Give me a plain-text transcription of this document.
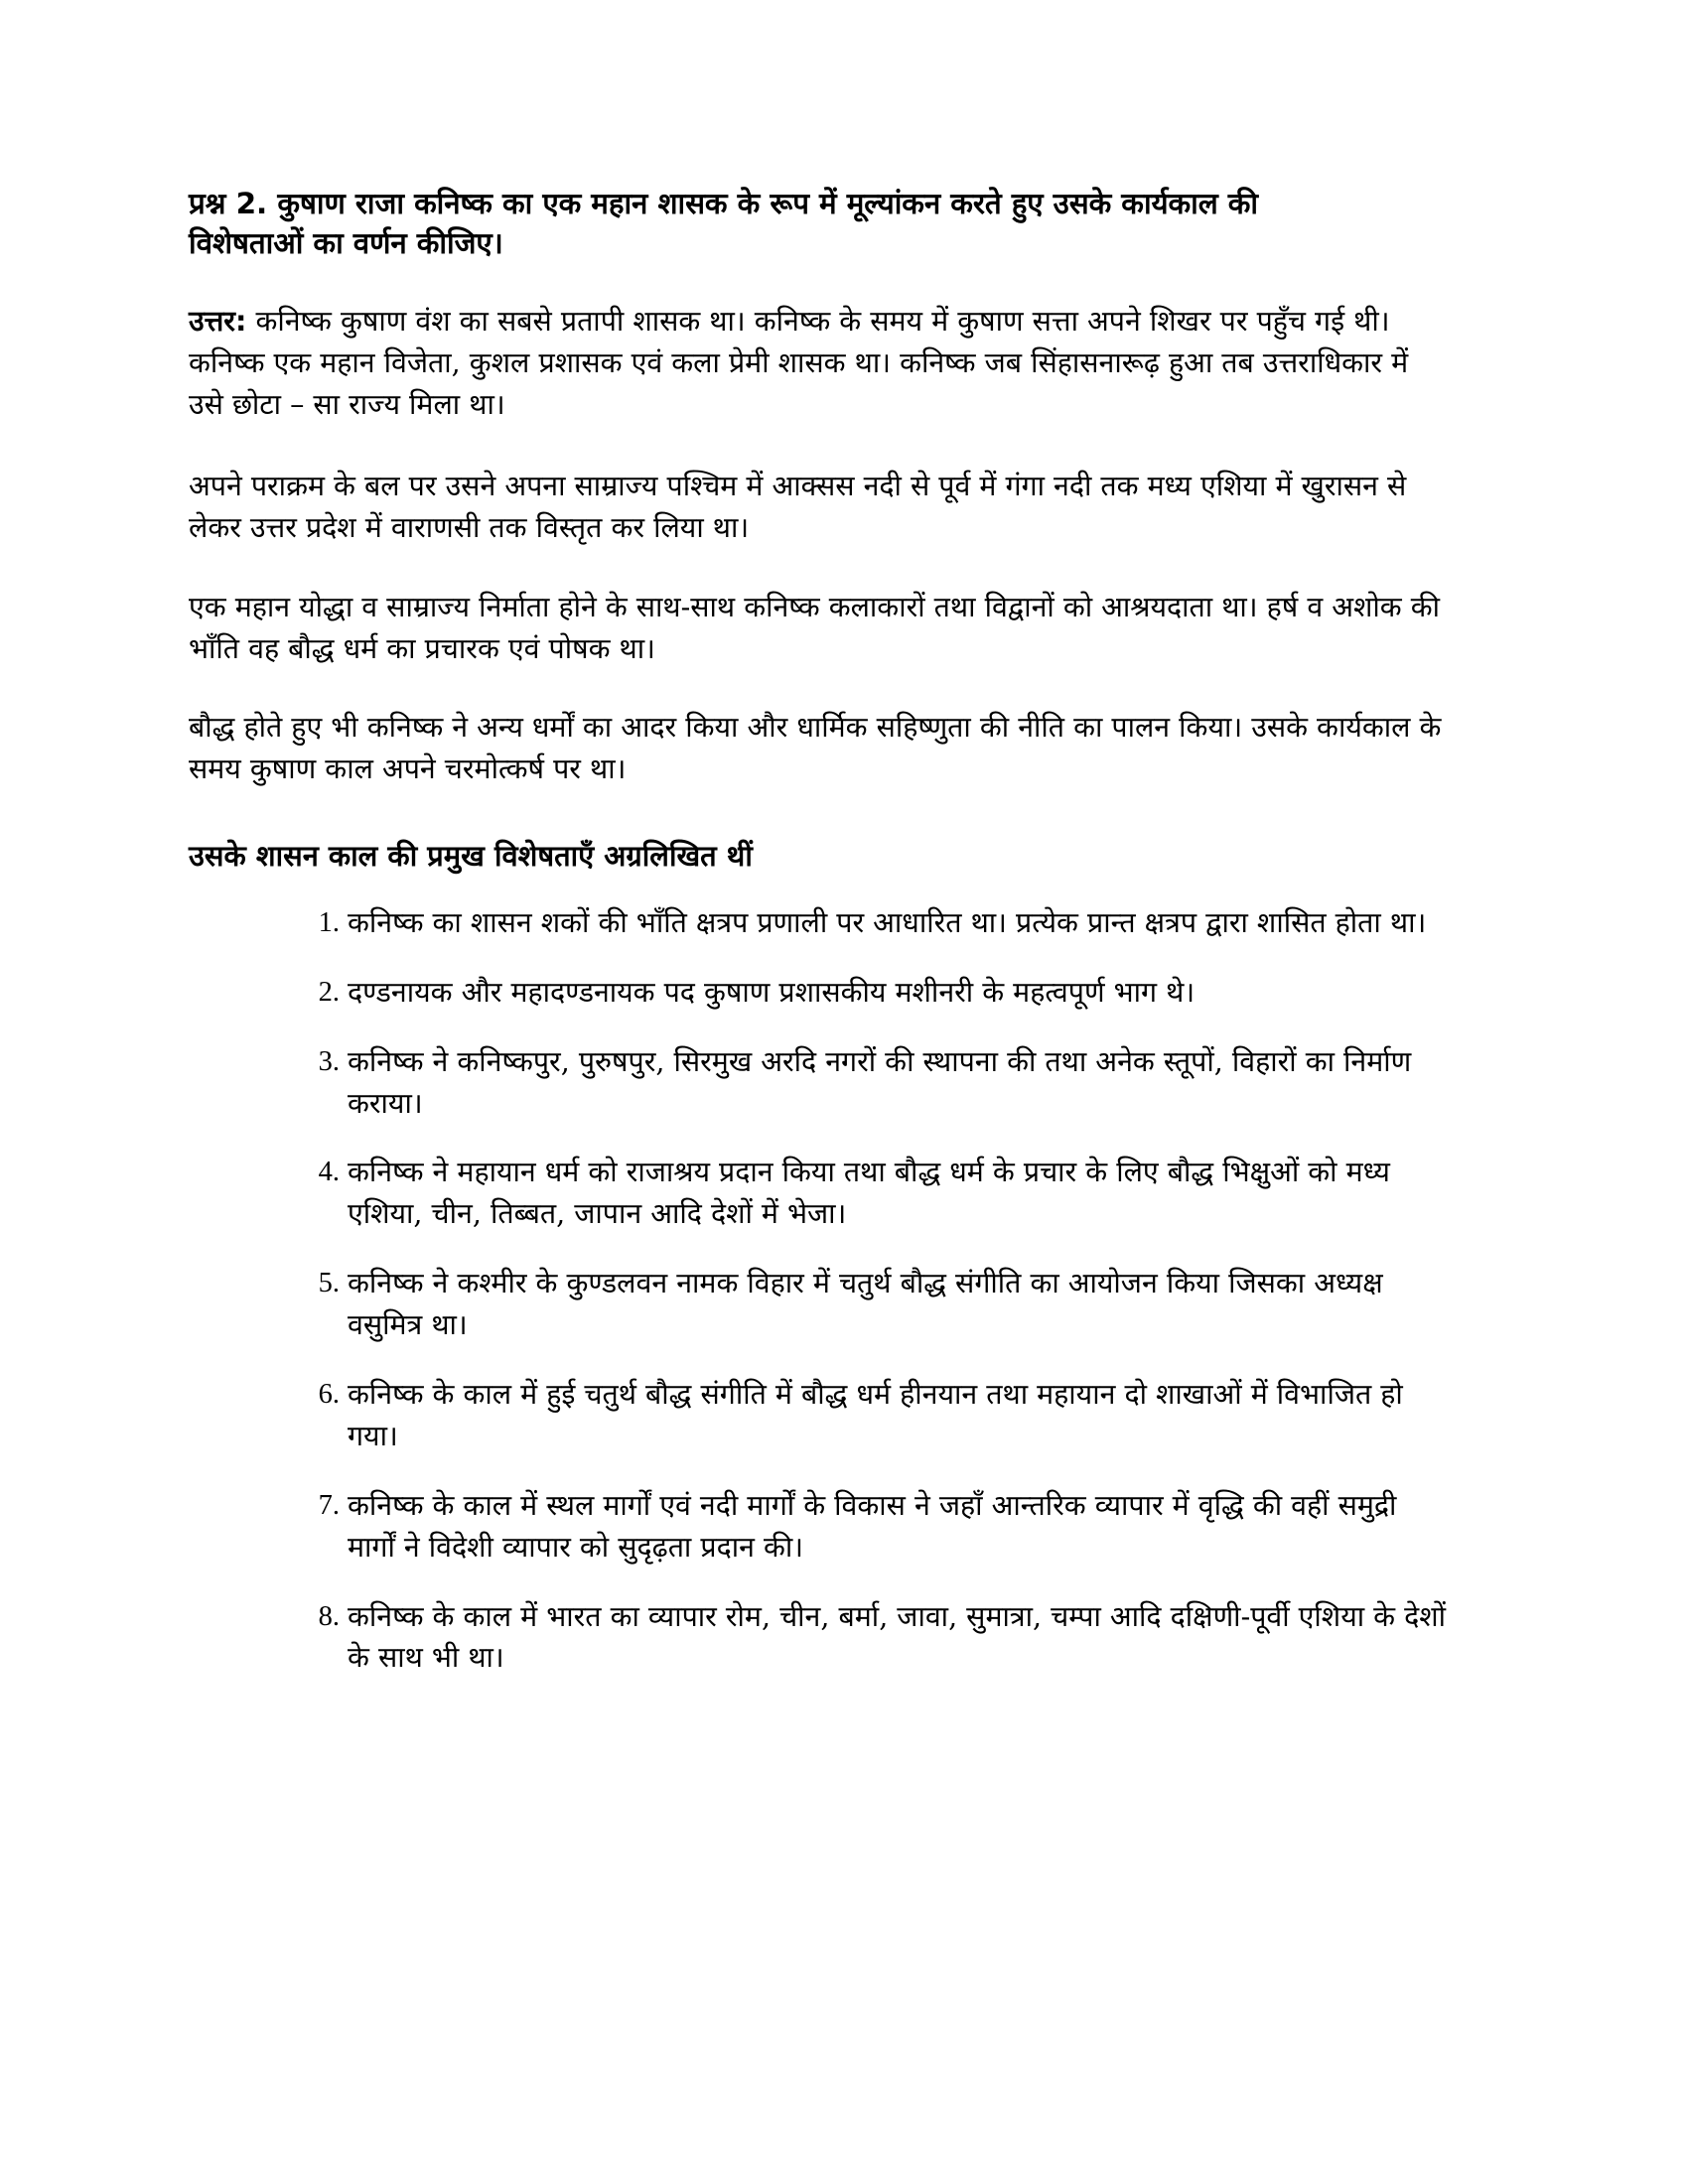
प्रश्न 2. कुषाण राजा कनिष्क का एक महान शासक के रूप में मूल्यांकन करते हुए उसके कार्यकाल की विशेषताओं का वर्णन कीजिए।

उत्तर: कनिष्क कुषाण वंश का सबसे प्रतापी शासक था। कनिष्क के समय में कुषाण सत्ता अपने शिखर पर पहुँच गई थी। कनिष्क एक महान विजेता, कुशल प्रशासक एवं कला प्रेमी शासक था। कनिष्क जब सिंहासनारूढ़ हुआ तब उत्तराधिकार में उसे छोटा – सा राज्य मिला था।

अपने पराक्रम के बल पर उसने अपना साम्राज्य पश्चिम में आक्सस नदी से पूर्व में गंगा नदी तक मध्य एशिया में खुरासन से लेकर उत्तर प्रदेश में वाराणसी तक विस्तृत कर लिया था।

एक महान योद्धा व साम्राज्य निर्माता होने के साथ-साथ कनिष्क कलाकारों तथा विद्वानों को आश्रयदाता था। हर्ष व अशोक की भाँति वह बौद्ध धर्म का प्रचारक एवं पोषक था।

बौद्ध होते हुए भी कनिष्क ने अन्य धर्मों का आदर किया और धार्मिक सहिष्णुता की नीति का पालन किया। उसके कार्यकाल के समय कुषाण काल अपने चरमोत्कर्ष पर था।

उसके शासन काल की प्रमुख विशेषताएँ अग्रलिखित थीं
कनिष्क का शासन शकों की भाँति क्षत्रप प्रणाली पर आधारित था। प्रत्येक प्रान्त क्षत्रप द्वारा शासित होता था।
दण्डनायक और महादण्डनायक पद कुषाण प्रशासकीय मशीनरी के महत्वपूर्ण भाग थे।
कनिष्क ने कनिष्कपुर, पुरुषपुर, सिरमुख अरदि नगरों की स्थापना की तथा अनेक स्तूपों, विहारों का निर्माण कराया।
कनिष्क ने महायान धर्म को राजाश्रय प्रदान किया तथा बौद्ध धर्म के प्रचार के लिए बौद्ध भिक्षुओं को मध्य एशिया, चीन, तिब्बत, जापान आदि देशों में भेजा।
कनिष्क ने कश्मीर के कुण्डलवन नामक विहार में चतुर्थ बौद्ध संगीति का आयोजन किया जिसका अध्यक्ष वसुमित्र था।
कनिष्क के काल में हुई चतुर्थ बौद्ध संगीति में बौद्ध धर्म हीनयान तथा महायान दो शाखाओं में विभाजित हो गया।
कनिष्क के काल में स्थल मार्गों एवं नदी मार्गों के विकास ने जहाँ आन्तरिक व्यापार में वृद्धि की वहीं समुद्री मार्गों ने विदेशी व्यापार को सुदृढ़ता प्रदान की।
कनिष्क के काल में भारत का व्यापार रोम, चीन, बर्मा, जावा, सुमात्रा, चम्पा आदि दक्षिणी-पूर्वी एशिया के देशों के साथ भी था।
